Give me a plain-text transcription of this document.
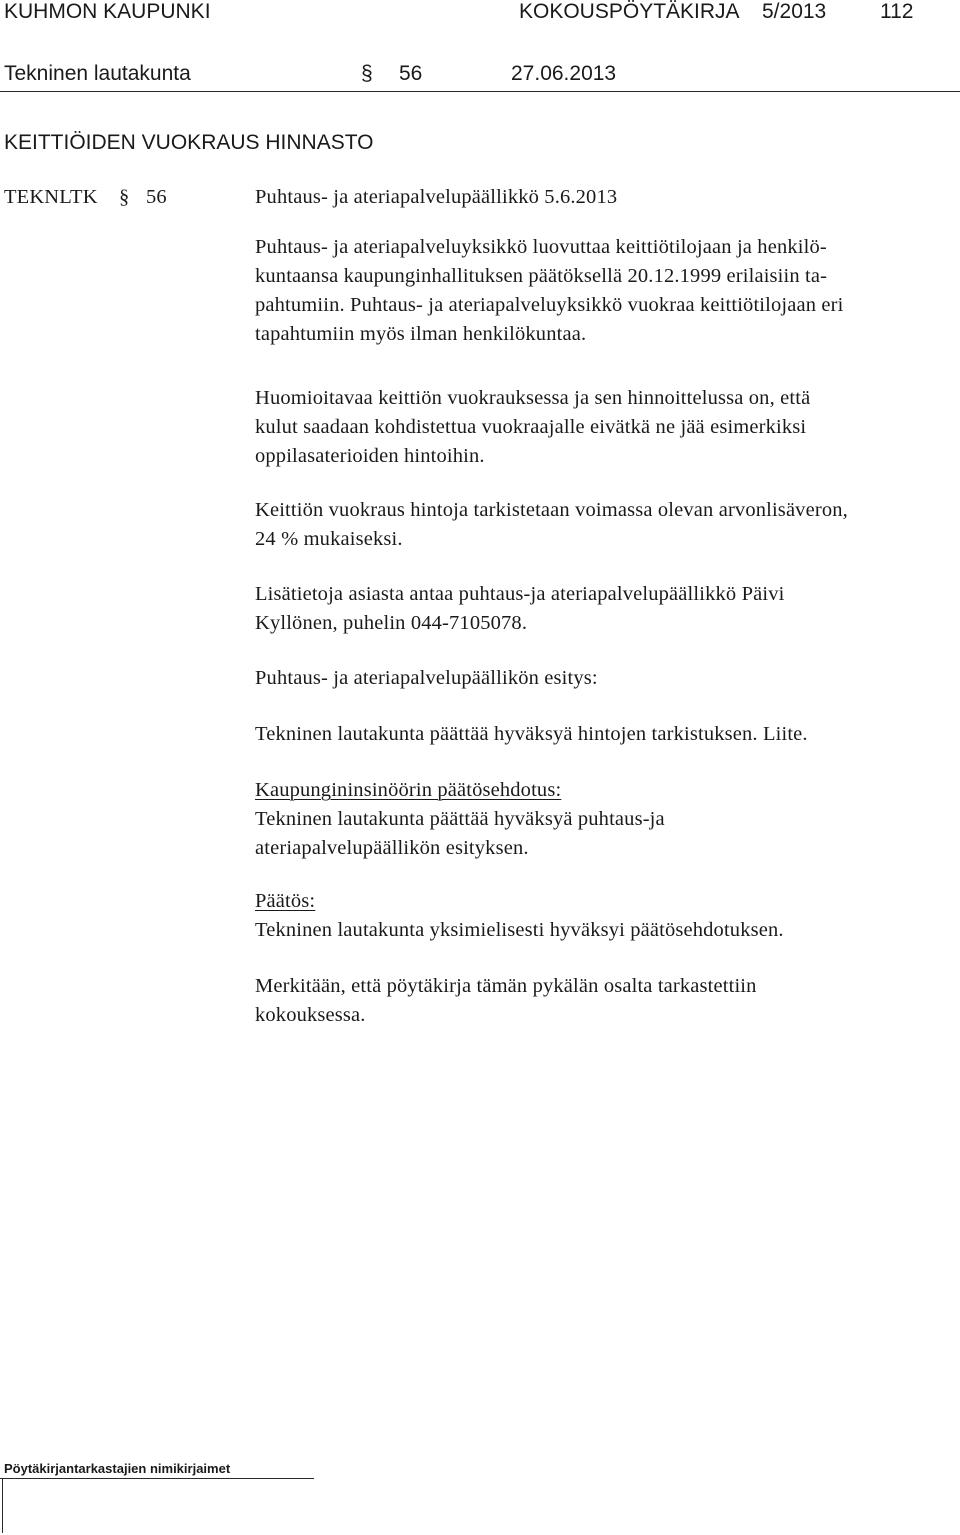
KUHMON KAUPUNKI	KOKOUSPÖYTÄKIRJA 5/2013	112
Tekninen lautakunta	§ 56	27.06.2013
KEITTIÖIDEN VUOKRAUS HINNASTO
TEKNLTK § 56	Puhtaus- ja ateriapalvelupäällikkö 5.6.2013

Puhtaus- ja ateriapalveluyksikkö luovuttaa keittiötilojaan ja henkilö-

kuntaansa kaupunginhallituksen päätöksellä 20.12.1999 erilaisiin ta-

pahtumiin. Puhtaus- ja ateriapalveluyksikkö vuokraa keittiötilojaan eri

tapahtumiin myös ilman henkilökuntaa.

Huomioitavaa keittiön vuokrauksessa ja sen hinnoittelussa on, että

kulut saadaan kohdistettua vuokraajalle eivätkä ne jää esimerkiksi

oppilasaterioiden hintoihin.

Keittiön vuokraus hintoja tarkistetaan voimassa olevan arvonlisäveron,

24 % mukaiseksi.

Lisätietoja asiasta antaa puhtaus-ja ateriapalvelupäällikkö Päivi

Kyllönen, puhelin 044-7105078.

Puhtaus- ja ateriapalvelupäällikön esitys:
Tekninen lautakunta päättää hyväksyä hintojen tarkistuksen. Liite.

Kaupungininsinöörin päätösehdotus:

Tekninen lautakunta päättää hyväksyä puhtaus-ja

ateriapalvelupäällikön esityksen.

Päätös:

Tekninen lautakunta yksimielisesti hyväksyi päätösehdotuksen.

Merkitään, että pöytäkirja tämän pykälän osalta tarkastettiin

kokouksessa.

Pöytäkirjantarkastajien nimikirjaimet
